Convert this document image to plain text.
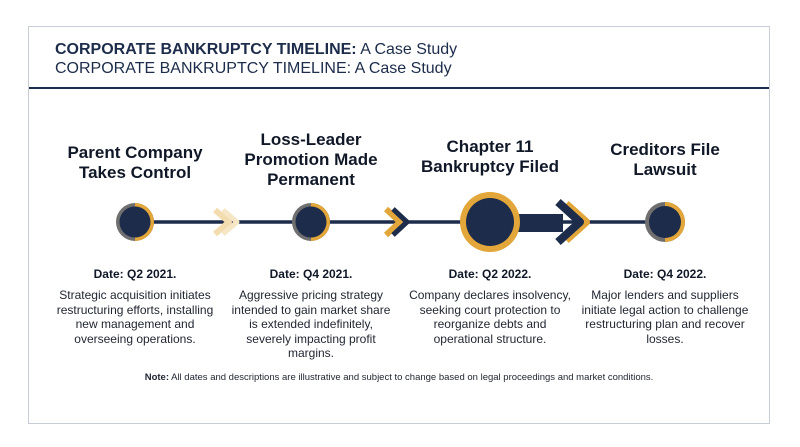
CORPORATE BANKRUPTCY TIMELINE: A Case Study
CORPORATE BANKRUPTCY TIMELINE: A Case Study
Parent Company Takes Control
Date: Q2 2021.
Strategic acquisition initiates restructuring efforts, installing new management and overseeing operations.
Loss-Leader Promotion Made Permanent
Date: Q4 2021.
Aggressive pricing strategy intended to gain market share is extended indefinitely, severely impacting profit margins.
Chapter 11 Bankruptcy Filed
Date: Q2 2022.
Company declares insolvency, seeking court protection to reorganize debts and operational structure.
Creditors File Lawsuit
Date: Q4 2022.
Major lenders and suppliers initiate legal action to challenge restructuring plan and recover losses.
Note: All dates and descriptions are illustrative and subject to change based on legal proceedings and market conditions.
